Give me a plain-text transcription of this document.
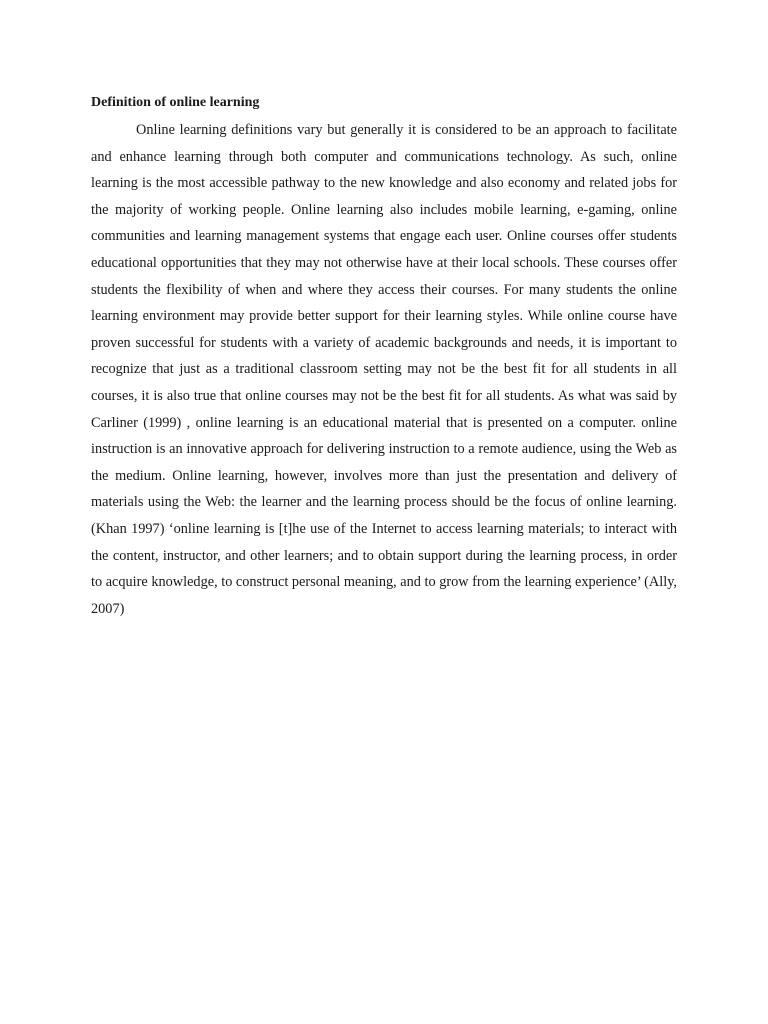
Definition of online learning

Online learning definitions vary but generally it is considered to be an approach to facilitate and enhance learning through both computer and communications technology. As such, online learning is the most accessible pathway to the new knowledge and also economy and related jobs for the majority of working people. Online learning also includes mobile learning, e-gaming, online communities and learning management systems that engage each user. Online courses offer students educational opportunities that they may not otherwise have at their local schools. These courses offer students the flexibility of when and where they access their courses. For many students the online learning environment may provide better support for their learning styles. While online course have proven successful for students with a variety of academic backgrounds and needs, it is important to recognize that just as a traditional classroom setting may not be the best fit for all students in all courses, it is also true that online courses may not be the best fit for all students. As what was said by Carliner (1999) , online learning is an educational material that is presented on a computer. online instruction is an innovative approach for delivering instruction to a remote audience, using the Web as the medium. Online learning, however, involves more than just the presentation and delivery of materials using the Web: the learner and the learning process should be the focus of online learning. (Khan 1997) ‘online learning is [t]he use of the Internet to access learning materials; to interact with the content, instructor, and other learners; and to obtain support during the learning process, in order to acquire knowledge, to construct personal meaning, and to grow from the learning experience’ (Ally, 2007)
